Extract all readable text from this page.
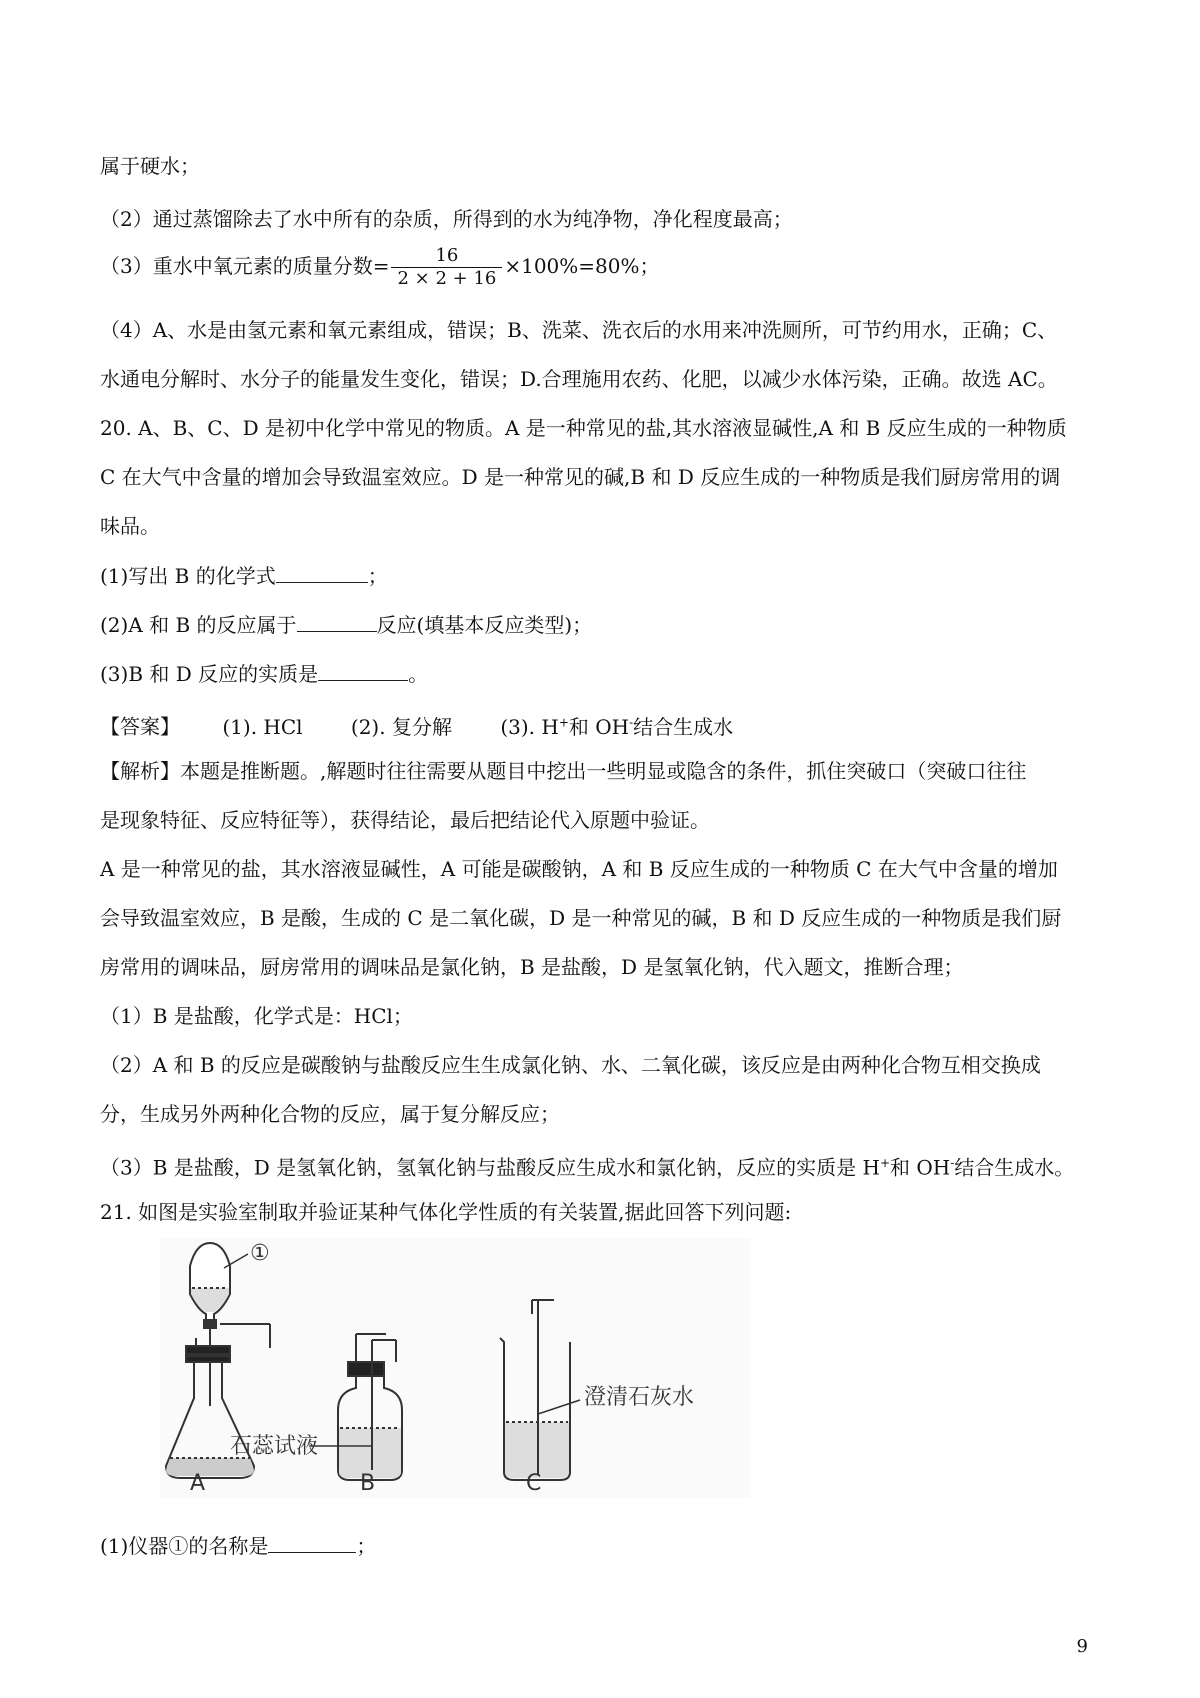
属于硬水；
（2）通过蒸馏除去了水中所有的杂质，所得到的水为纯净物，净化程度最高；
（3）重水中氧元素的质量分数= $\frac{16}{2 \times 2 + 16} \times 100\%=80\%$；
（4）A、水是由氢元素和氧元素组成，错误；B、洗菜、洗衣后的水用来冲洗厕所，可节约用水，正确；C、
水通电分解时、水分子的能量发生变化，错误；D.合理施用农药、化肥，以减少水体污染，正确。故选 AC。
20. A、B、C、D 是初中化学中常见的物质。A 是一种常见的盐,其水溶液显碱性,A 和 B 反应生成的一种物质
C 在大气中含量的增加会导致温室效应。D 是一种常见的碱,B 和 D 反应生成的一种物质是我们厨房常用的调
味品。
(1)写出 B 的化学式	；
(2)A 和 B 的反应属于	反应(填基本反应类型)；
(3)B 和 D 反应的实质是	。
【答案】 (1). HCl (2). 复分解 (3). H+和 OH-结合生成水
【解析】本题是推断题。,解题时往往需要从题目中挖出一些明显或隐含的条件，抓住突破口（突破口往往
是现象特征、反应特征等），获得结论，最后把结论代入原题中验证。
A 是一种常见的盐，其水溶液显碱性，A 可能是碳酸钠，A 和 B 反应生成的一种物质 C 在大气中含量的增加
会导致温室效应，B 是酸，生成的 C 是二氧化碳，D 是一种常见的碱，B 和 D 反应生成的一种物质是我们厨
房常用的调味品，厨房常用的调味品是氯化钠，B 是盐酸，D 是氢氧化钠，代入题文，推断合理；
（1）B 是盐酸，化学式是：HCl；
（2）A 和 B 的反应是碳酸钠与盐酸反应生生成氯化钠、水、二氧化碳，该反应是由两种化合物互相交换成
分，生成另外两种化合物的反应，属于复分解反应；
（3）B 是盐酸，D 是氢氧化钠，氢氧化钠与盐酸反应生成水和氯化钠，反应的实质是 H+和 OH-结合生成水。
21. 如图是实验室制取并验证某种气体化学性质的有关装置,据此回答下列问题:
①
石蕊试液
澄清石灰水
A	B	C
(1)仪器①的名称是	；
9
